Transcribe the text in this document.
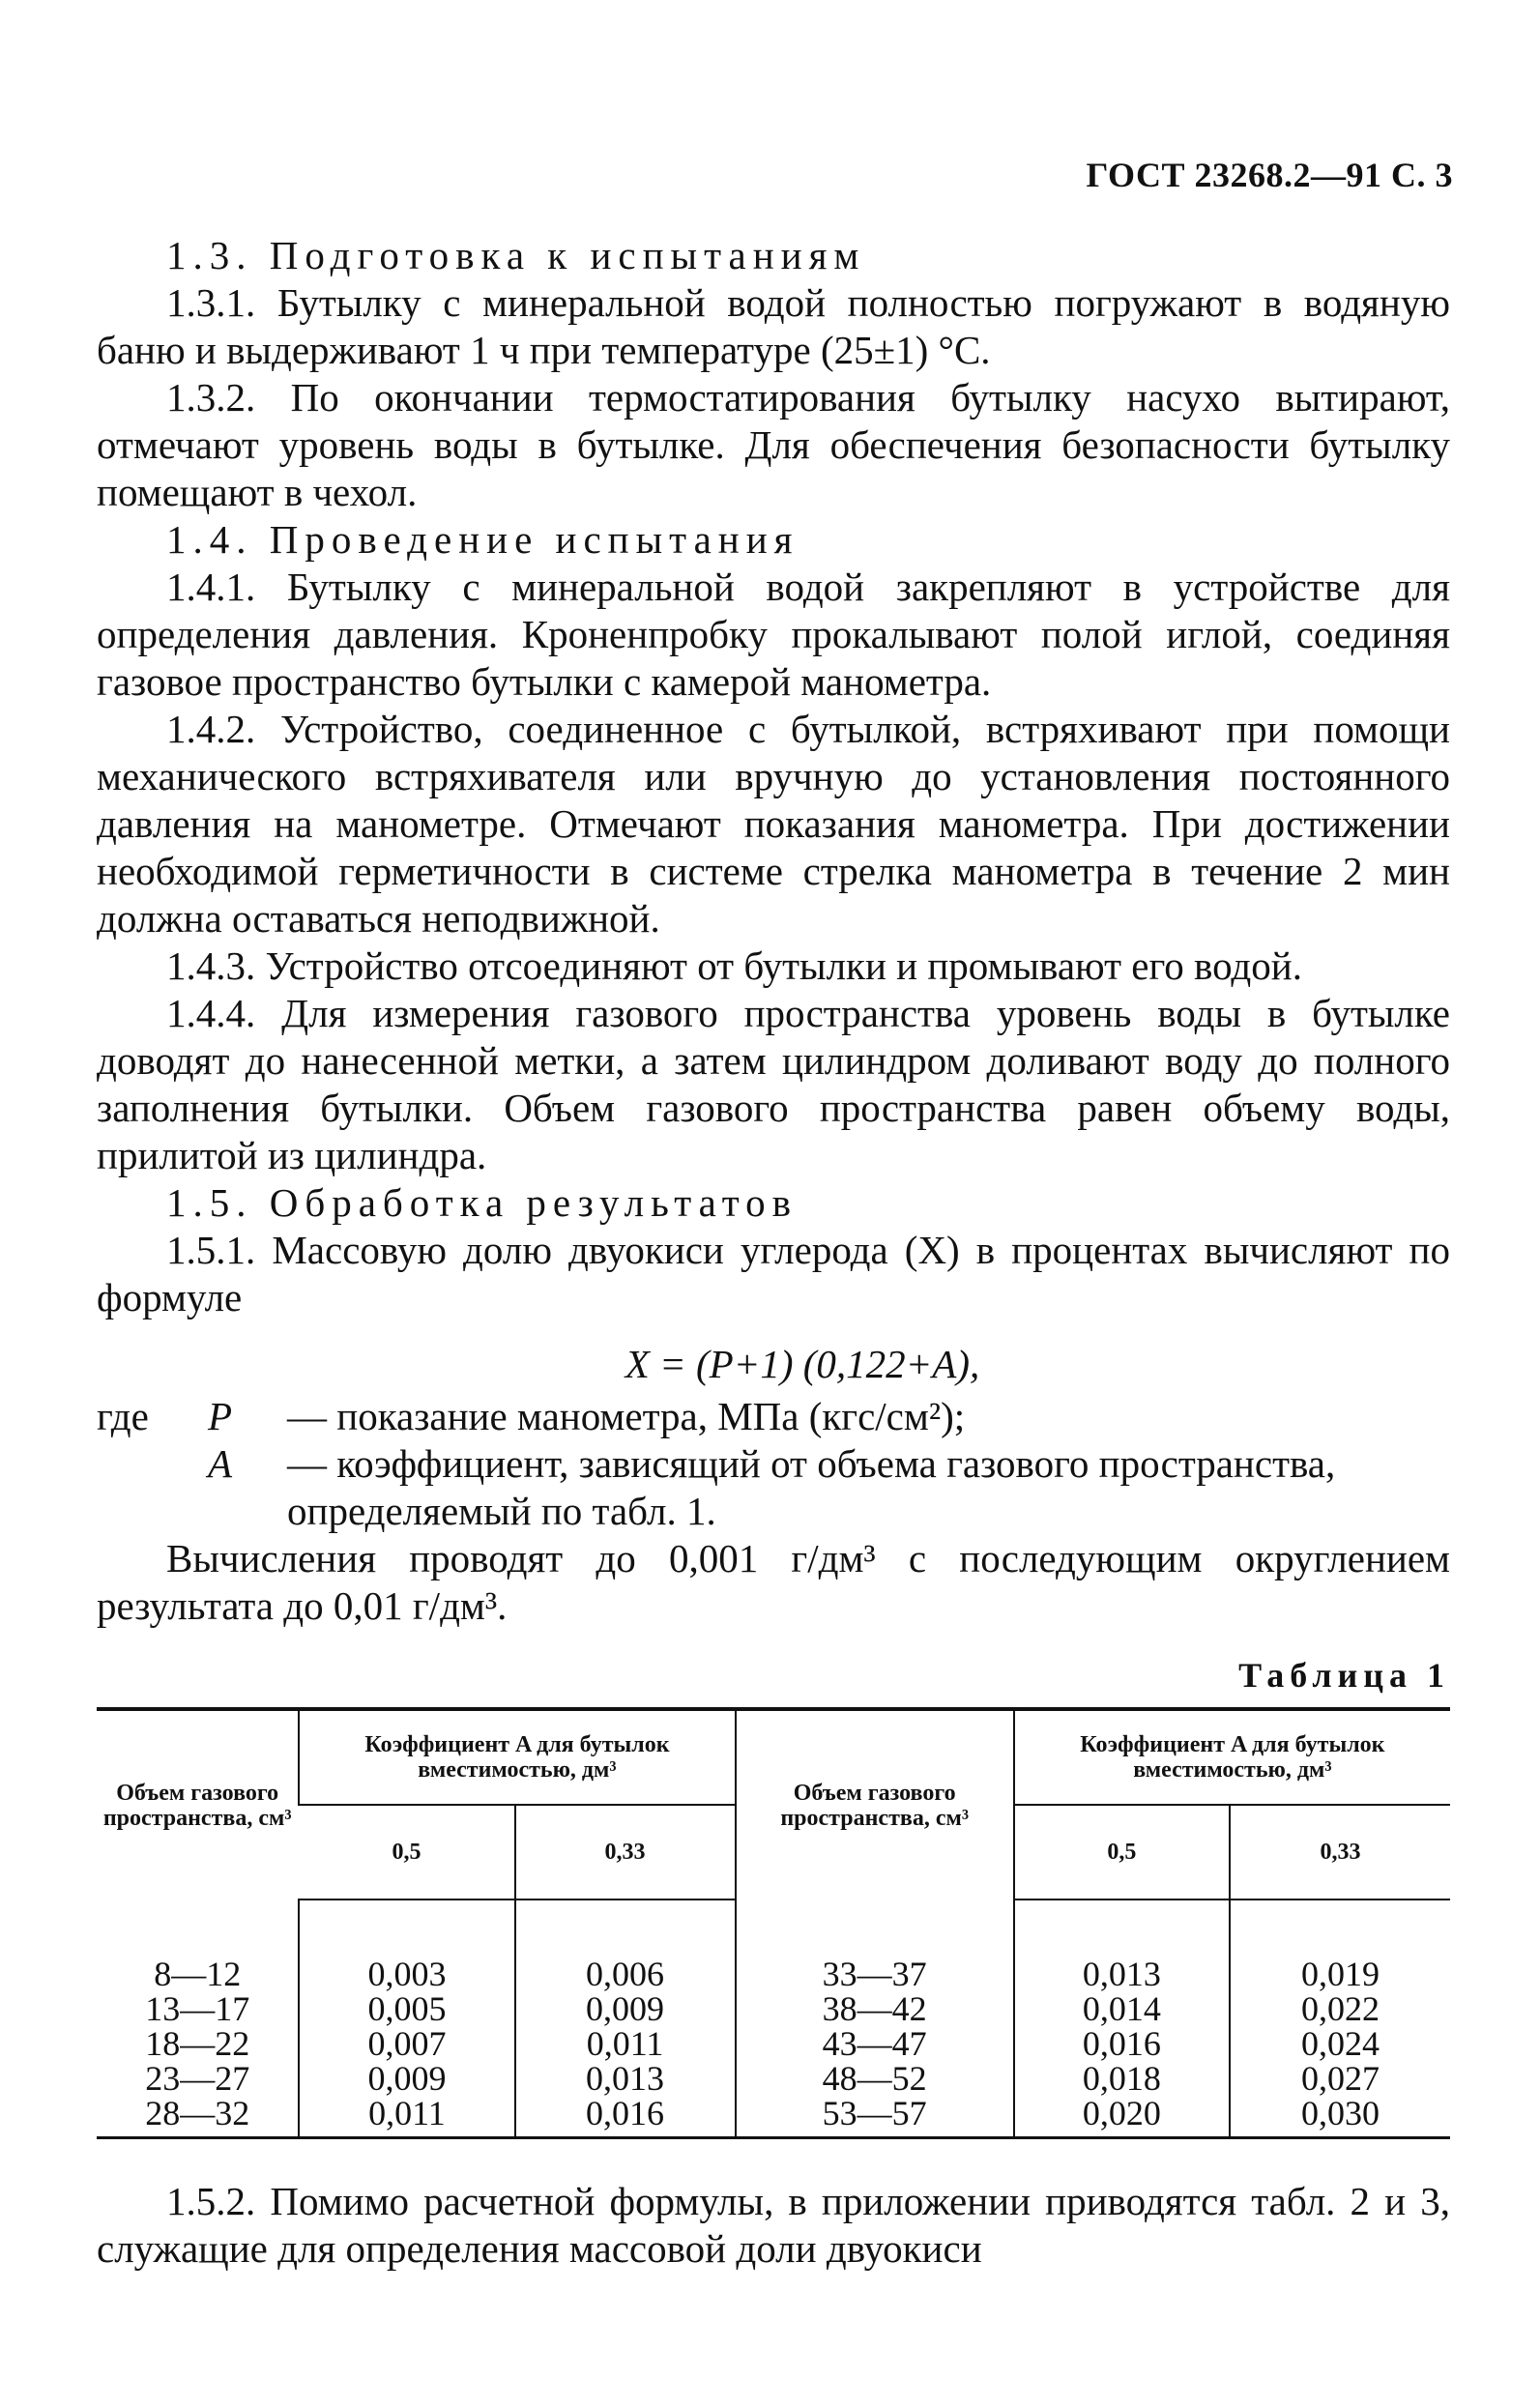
ГОСТ 23268.2—91 С. 3

1.3. Подготовка к испытаниям

1.3.1. Бутылку с минеральной водой полностью погружают в водяную баню и выдерживают 1 ч при температуре (25±1) °С.

1.3.2. По окончании термостатирования бутылку насухо вытирают, отмечают уровень воды в бутылке. Для обеспечения безопасности бутылку помещают в чехол.

1.4. Проведение испытания

1.4.1. Бутылку с минеральной водой закрепляют в устройстве для определения давления. Кроненпробку прокалывают полой иглой, соединяя газовое пространство бутылки с камерой манометра.

1.4.2. Устройство, соединенное с бутылкой, встряхивают при помощи механического встряхивателя или вручную до установления постоянного давления на манометре. Отмечают показания манометра. При достижении необходимой герметичности в системе стрелка манометра в течение 2 мин должна оставаться неподвижной.

1.4.3. Устройство отсоединяют от бутылки и промывают его водой.

1.4.4. Для измерения газового пространства уровень воды в бутылке доводят до нанесенной метки, а затем цилиндром доливают воду до полного заполнения бутылки. Объем газового пространства равен объему воды, прилитой из цилиндра.

1.5. Обработка результатов

1.5.1. Массовую долю двуокиси углерода (X) в процентах вычисляют по формуле

X = (P+1) (0,122+A),

где	P	— показание манометра, МПа (кгс/см²);
A	— коэффициент, зависящий от объема газового пространства, определяемый по табл. 1.

Вычисления проводят до 0,001 г/дм³ с последующим округлением результата до 0,01 г/дм³.

Таблица 1
Объем газового пространства, см³	Коэффициент A для бутылок вместимостью, дм³		Объем газового пространства, см³	Коэффициент A для бутылок вместимостью, дм³	
	0,5	0,33		0,5	0,33
8—12	0,003	0,006	33—37	0,013	0,019
13—17	0,005	0,009	38—42	0,014	0,022
18—22	0,007	0,011	43—47	0,016	0,024
23—27	0,009	0,013	48—52	0,018	0,027
28—32	0,011	0,016	53—57	0,020	0,030

1.5.2. Помимо расчетной формулы, в приложении приводятся табл. 2 и 3, служащие для определения массовой доли двуокиси
